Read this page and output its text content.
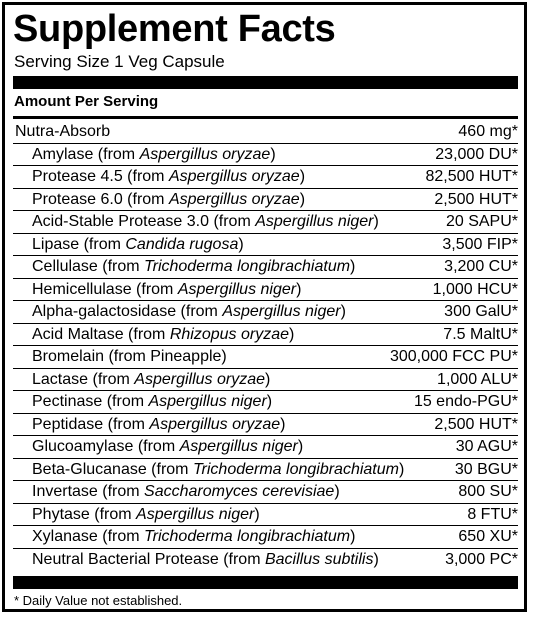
Supplement Facts
Serving Size 1 Veg Capsule
Amount Per Serving
Nutra-Absorb	460 mg*
Amylase (from Aspergillus oryzae)	23,000 DU*
Protease 4.5 (from Aspergillus oryzae)	82,500 HUT*
Protease 6.0 (from Aspergillus oryzae)	2,500 HUT*
Acid-Stable Protease 3.0 (from Aspergillus niger)	20 SAPU*
Lipase (from Candida rugosa)	3,500 FIP*
Cellulase (from Trichoderma longibrachiatum)	3,200 CU*
Hemicellulase (from Aspergillus niger)	1,000 HCU*
Alpha-galactosidase (from Aspergillus niger)	300 GalU*
Acid Maltase (from Rhizopus oryzae)	7.5 MaltU*
Bromelain (from Pineapple)	300,000 FCC PU*
Lactase (from Aspergillus oryzae)	1,000 ALU*
Pectinase (from Aspergillus niger)	15 endo-PGU*
Peptidase (from Aspergillus oryzae)	2,500 HUT*
Glucoamylase (from Aspergillus niger)	30 AGU*
Beta-Glucanase (from Trichoderma longibrachiatum)	30 BGU*
Invertase (from Saccharomyces cerevisiae)	800 SU*
Phytase (from Aspergillus niger)	8 FTU*
Xylanase (from Trichoderma longibrachiatum)	650 XU*
Neutral Bacterial Protease (from Bacillus subtilis)	3,000 PC*
* Daily Value not established.
